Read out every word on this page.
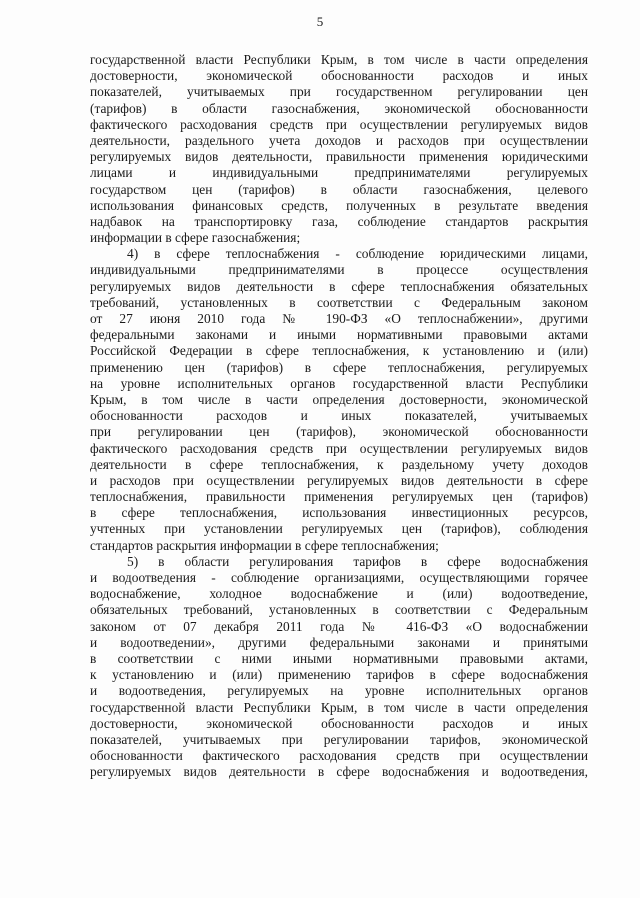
5
государственной власти Республики Крым, в том числе в части определения
достоверности, экономической обоснованности расходов и иных
показателей, учитываемых при государственном регулировании цен
(тарифов) в области газоснабжения, экономической обоснованности
фактического расходования средств при осуществлении регулируемых видов
деятельности, раздельного учета доходов и расходов при осуществлении
регулируемых видов деятельности, правильности применения юридическими
лицами и индивидуальными предпринимателями регулируемых
государством цен (тарифов) в области газоснабжения, целевого
использования финансовых средств, полученных в результате введения
надбавок на транспортировку газа, соблюдение стандартов раскрытия
информации в сфере газоснабжения;
4) в сфере теплоснабжения - соблюдение юридическими лицами,
индивидуальными предпринимателями в процессе осуществления
регулируемых видов деятельности в сфере теплоснабжения обязательных
требований, установленных в соответствии с Федеральным законом
от 27 июня 2010 года № 190-ФЗ «О теплоснабжении», другими
федеральными законами и иными нормативными правовыми актами
Российской Федерации в сфере теплоснабжения, к установлению и (или)
применению цен (тарифов) в сфере теплоснабжения, регулируемых
на уровне исполнительных органов государственной власти Республики
Крым, в том числе в части определения достоверности, экономической
обоснованности расходов и иных показателей, учитываемых
при регулировании цен (тарифов), экономической обоснованности
фактического расходования средств при осуществлении регулируемых видов
деятельности в сфере теплоснабжения, к раздельному учету доходов
и расходов при осуществлении регулируемых видов деятельности в сфере
теплоснабжения, правильности применения регулируемых цен (тарифов)
в сфере теплоснабжения, использования инвестиционных ресурсов,
учтенных при установлении регулируемых цен (тарифов), соблюдения
стандартов раскрытия информации в сфере теплоснабжения;
5) в области регулирования тарифов в сфере водоснабжения
и водоотведения - соблюдение организациями, осуществляющими горячее
водоснабжение, холодное водоснабжение и (или) водоотведение,
обязательных требований, установленных в соответствии с Федеральным
законом от 07 декабря 2011 года № 416-ФЗ «О водоснабжении
и водоотведении», другими федеральными законами и принятыми
в соответствии с ними иными нормативными правовыми актами,
к установлению и (или) применению тарифов в сфере водоснабжения
и водоотведения, регулируемых на уровне исполнительных органов
государственной власти Республики Крым, в том числе в части определения
достоверности, экономической обоснованности расходов и иных
показателей, учитываемых при регулировании тарифов, экономической
обоснованности фактического расходования средств при осуществлении
регулируемых видов деятельности в сфере водоснабжения и водоотведения,
